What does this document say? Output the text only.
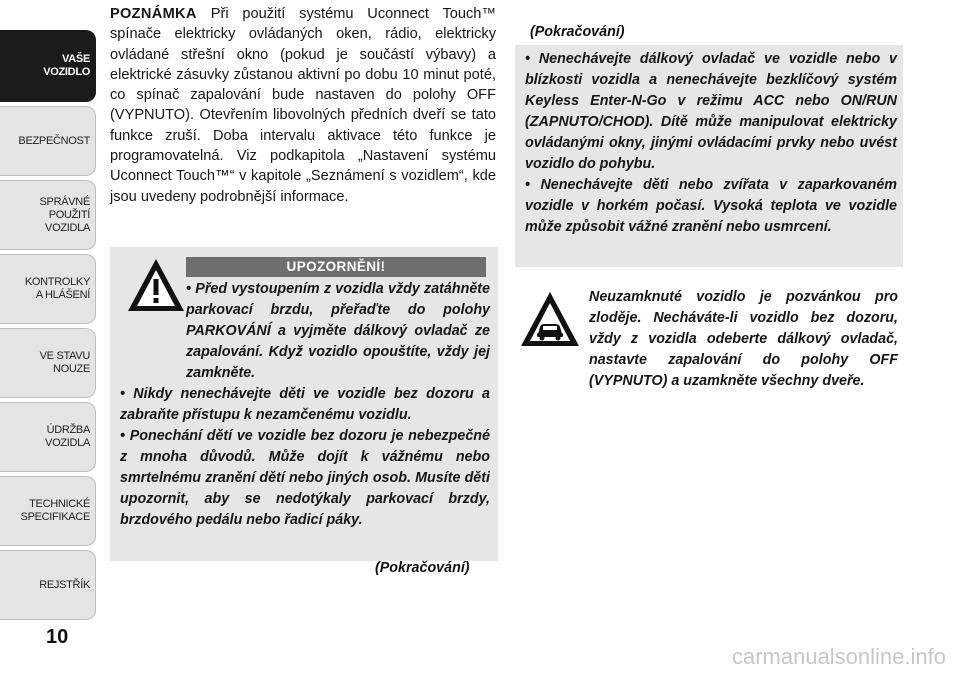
VAŠE
VOZIDLO
BEZPEČNOST
SPRÁVNÉ
POUŽITÍ
VOZIDLA
KONTROLKY
A HLÁŠENÍ
VE STAVU
NOUZE
ÚDRŽBA
VOZIDLA
TECHNICKÉ
SPECIFIKACE
REJSTŘÍK
10
POZNÁMKA Při použití systému Uconnect Touch™ spínače elektricky ovládaných oken, rádio, elektricky ovládané střešní okno (pokud je součástí výbavy) a elektrické zásuvky zůstanou aktivní po dobu 10 minut poté, co spínač zapalování bude nastaven do polohy OFF (VYPNUTO). Otevřením libovolných předních dveří se tato funkce zruší. Doba intervalu aktivace této funkce je programovatelná. Viz podkapitola „Nastavení systému Uconnect Touch™“ v kapitole „Seznámení s vozidlem“, kde jsou uvedeny podrobnější informace.
UPOZORNĚNÍ!

• Před vystoupením z vozidla vždy zatáhněte parkovací brzdu, přeřaďte do polohy PARKOVÁNÍ a vyjměte dálkový ovladač ze zapalování. Když vozidlo opouštíte, vždy jej zamkněte.

• Nikdy nenechávejte děti ve vozidle bez dozoru a zabraňte přístupu k nezamčenému vozidlu.

• Ponechání dětí ve vozidle bez dozoru je nebezpečné z mnoha důvodů. Může dojít k vážnému nebo smrtelnému zranění dětí nebo jiných osob. Musíte děti upozornit, aby se nedotýkaly parkovací brzdy, brzdového pedálu nebo řadicí páky.

(Pokračování)
(Pokračování)

• Nenechávejte dálkový ovladač ve vozidle nebo v blízkosti vozidla a nenechávejte bezklíčový systém Keyless Enter-N-Go v režimu ACC nebo ON/RUN (ZAPNUTO/CHOD). Dítě může manipulovat elektricky ovládanými okny, jinými ovládacími prvky nebo uvést vozidlo do pohybu.

• Nenechávejte děti nebo zvířata v zaparkovaném vozidle v horkém počasí. Vysoká teplota ve vozidle může způsobit vážné zranění nebo usmrcení.

Neuzamknuté vozidlo je pozvánkou pro zloděje. Necháváte-li vozidlo bez dozoru, vždy z vozidla odeberte dálkový ovladač, nastavte zapalování do polohy OFF (VYPNUTO) a uzamkněte všechny dveře.

carmanualsonline.info
